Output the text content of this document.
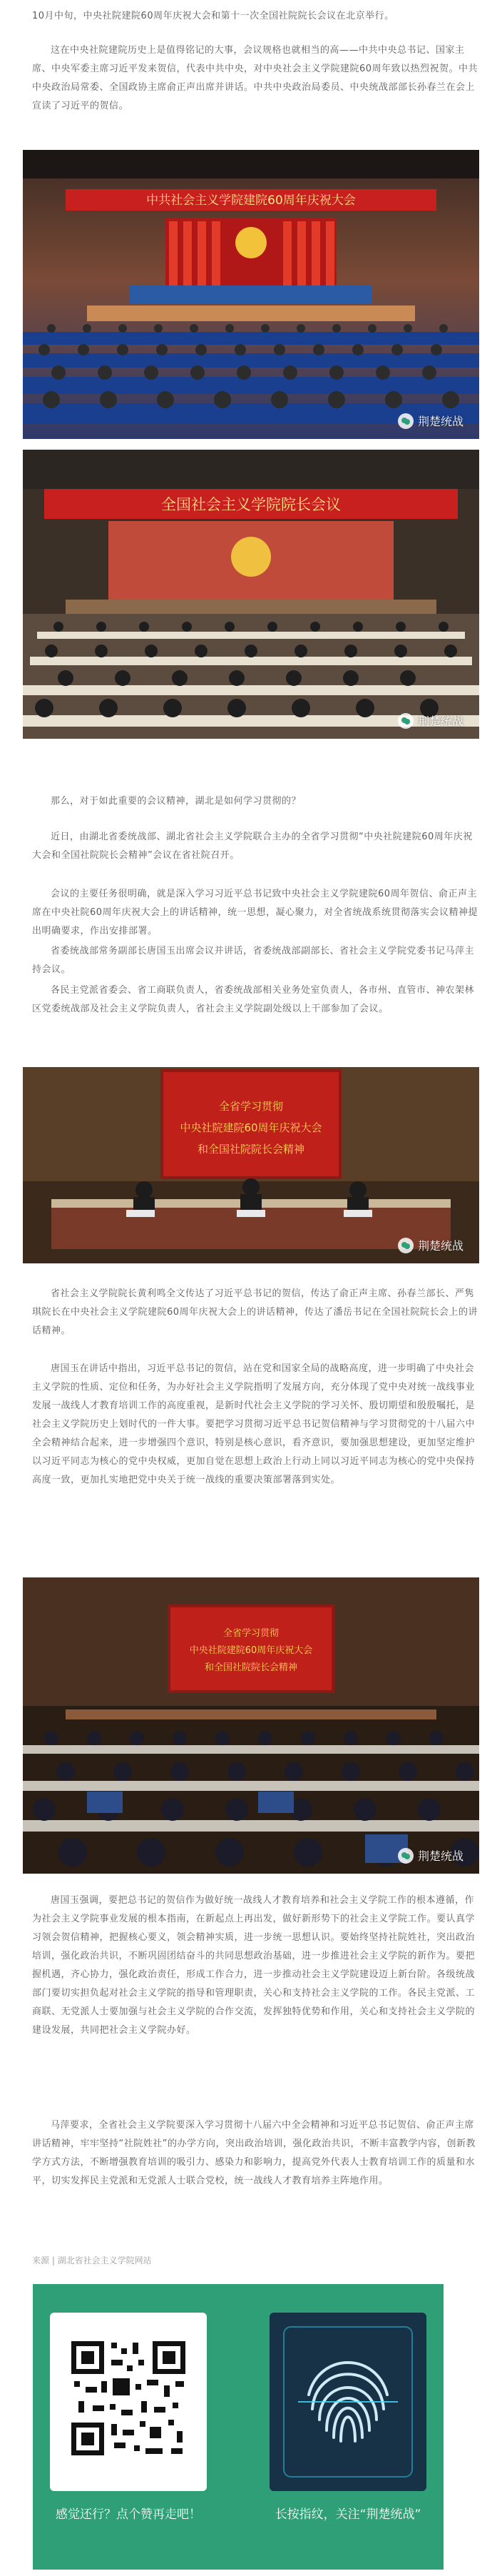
10月中旬，中央社院建院60周年庆祝大会和第十一次全国社院院长会议在北京举行。

这在中央社院建院历史上是值得铭记的大事，会议规格也就相当的高——中共中央总书记、国家主席、中央军委主席习近平发来贺信，代表中共中央，对中央社会主义学院建院60周年致以热烈祝贺。中共中央政治局常委、全国政协主席俞正声出席并讲话。中共中央政治局委员、中央统战部部长孙春兰在会上宣读了习近平的贺信。

中共社会主义学院建院60周年庆祝大会
荆楚统战
全国社会主义学院院长会议
荆楚统战

那么，对于如此重要的会议精神，湖北是如何学习贯彻的？

近日，由湖北省委统战部、湖北省社会主义学院联合主办的全省学习贯彻“中央社院建院60周年庆祝大会和全国社院院长会精神”会议在省社院召开。

会议的主要任务很明确，就是深入学习习近平总书记致中央社会主义学院建院60周年贺信、俞正声主席在中央社院60周年庆祝大会上的讲话精神，统一思想，凝心聚力，对全省统战系统贯彻落实会议精神提出明确要求，作出安排部署。

省委统战部常务副部长唐国玉出席会议并讲话，省委统战部副部长、省社会主义学院党委书记马萍主持会议。

各民主党派省委会、省工商联负责人，省委统战部相关业务处室负责人，各市州、直管市、神农架林区党委统战部及社会主义学院负责人，省社会主义学院副处级以上干部参加了会议。

全省学习贯彻
中央社院建院60周年庆祝大会
和全国社院院长会精神
荆楚统战

省社会主义学院院长黄利鸣全文传达了习近平总书记的贺信，传达了俞正声主席、孙春兰部长、严隽琪院长在中央社会主义学院建院60周年庆祝大会上的讲话精神，传达了潘岳书记在全国社院院长会上的讲话精神。

唐国玉在讲话中指出，习近平总书记的贺信，站在党和国家全局的战略高度，进一步明确了中央社会主义学院的性质、定位和任务，为办好社会主义学院指明了发展方向，充分体现了党中央对统一战线事业发展一战线人才教育培训工作的高度重视，是新时代社会主义学院的学习关怀、殷切期望和殷殷嘱托，是社会主义学院历史上划时代的一件大事。要把学习贯彻习近平总书记贺信精神与学习贯彻党的十八届六中全会精神结合起来，进一步增强四个意识，特别是核心意识，看齐意识，要加强思想建设，更加坚定维护以习近平同志为核心的党中央权威，更加自觉在思想上政治上行动上同以习近平同志为核心的党中央保持高度一致，更加扎实地把党中央关于统一战线的重要决策部署落到实处。

全省学习贯彻
中央社院建院60周年庆祝大会
和全国社院院长会精神
荆楚统战

唐国玉强调，要把总书记的贺信作为做好统一战线人才教育培养和社会主义学院工作的根本遵循，作为社会主义学院事业发展的根本指南，在新起点上再出发，做好新形势下的社会主义学院工作。要认真学习领会贺信精神，把握核心要义，领会精神实质，进一步统一思想认识。要始终坚持社院姓社，突出政治培训，强化政治共识，不断巩固团结奋斗的共同思想政治基础，进一步推进社会主义学院的新作为。要把握机遇，齐心协力，强化政治责任，形成工作合力，进一步推动社会主义学院建设迈上新台阶。各级统战部门要切实担负起对社会主义学院的指导和管理职责，关心和支持社会主义学院的工作。各民主党派、工商联、无党派人士要加强与社会主义学院的合作交流，发挥独特优势和作用，关心和支持社会主义学院的建设发展，共同把社会主义学院办好。

马萍要求，全省社会主义学院要深入学习贯彻十八届六中全会精神和习近平总书记贺信、俞正声主席讲话精神，牢牢坚持“社院姓社”的办学方向，突出政治培训，强化政治共识，不断丰富教学内容，创新教学方式方法，不断增强教育培训的吸引力、感染力和影响力，提高党外代表人士教育培训工作的质量和水平，切实发挥民主党派和无党派人士联合党校，统一战线人才教育培养主阵地作用。

来源 | 湖北省社会主义学院网站
感觉还行？点个赞再走吧！	长按指纹，关注“荆楚统战”
